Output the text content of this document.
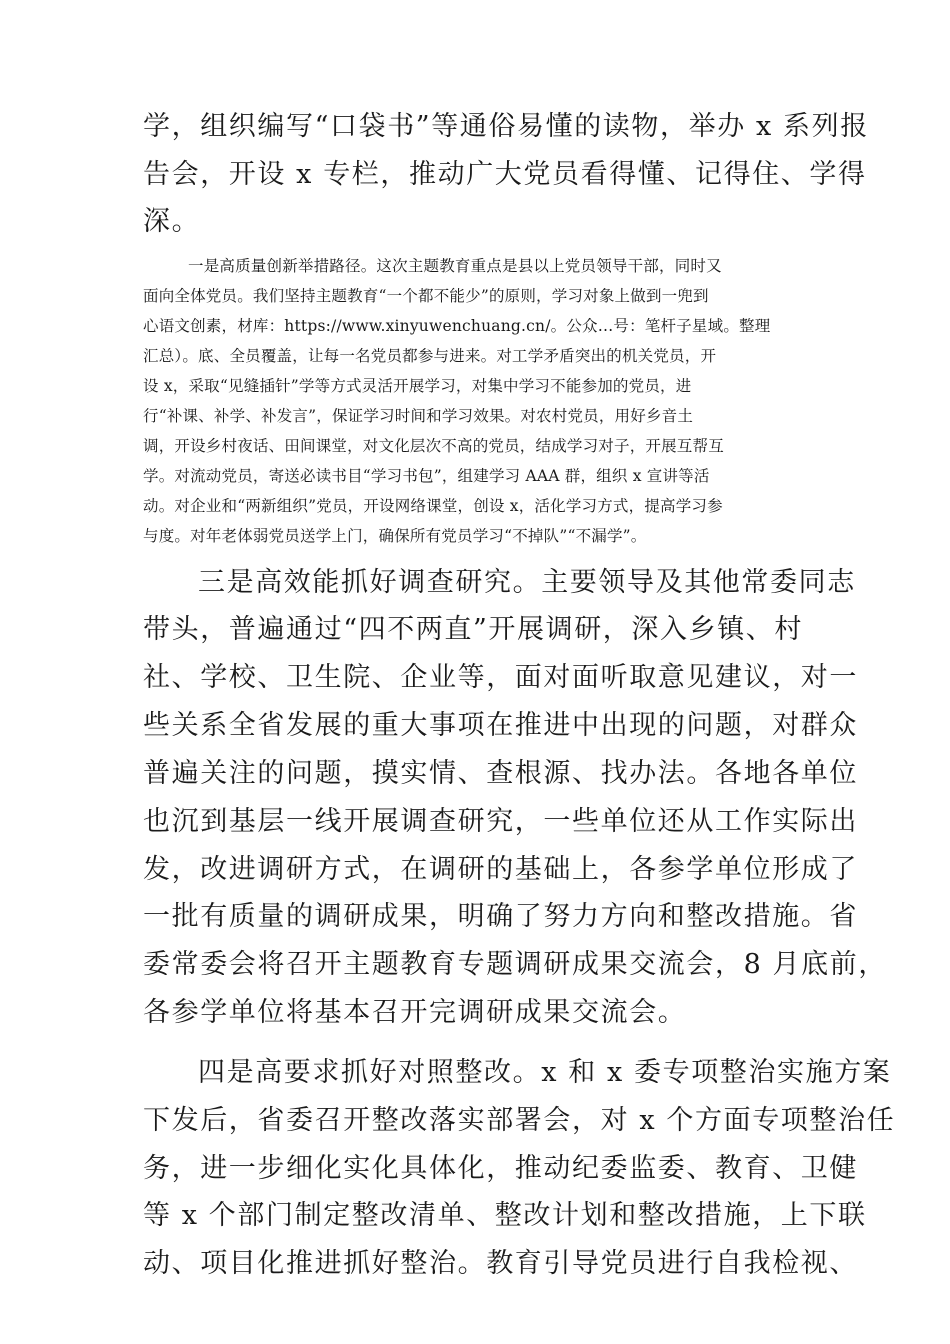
学，组织编写“口袋书”等通俗易懂的读物，举办 x 系列报
告会，开设 x 专栏，推动广大党员看得懂、记得住、学得
深。
一是高质量创新举措路径。这次主题教育重点是县以上党员领导干部，同时又
面向全体党员。我们坚持主题教育“一个都不能少”的原则，学习对象上做到一兜到
心语文创素，材库：https://www.xinyuwenchuang.cn/。公众…号：笔杆子星域。整理
汇总）。底、全员覆盖，让每一名党员都参与进来。对工学矛盾突出的机关党员，开
设 x，采取“见缝插针”学等方式灵活开展学习，对集中学习不能参加的党员，进
行“补课、补学、补发言”，保证学习时间和学习效果。对农村党员，用好乡音土
调，开设乡村夜话、田间课堂，对文化层次不高的党员，结成学习对子，开展互帮互
学。对流动党员，寄送必读书目“学习书包”，组建学习 AAA 群，组织 x 宣讲等活
动。对企业和“两新组织”党员，开设网络课堂，创设 x，活化学习方式，提高学习参
与度。对年老体弱党员送学上门，确保所有党员学习“不掉队”“不漏学”。
三是高效能抓好调查研究。主要领导及其他常委同志
带头，普遍通过“四不两直”开展调研，深入乡镇、村
社、学校、卫生院、企业等，面对面听取意见建议，对一
些关系全省发展的重大事项在推进中出现的问题，对群众
普遍关注的问题，摸实情、查根源、找办法。各地各单位
也沉到基层一线开展调查研究，一些单位还从工作实际出
发，改进调研方式，在调研的基础上，各参学单位形成了
一批有质量的调研成果，明确了努力方向和整改措施。省
委常委会将召开主题教育专题调研成果交流会，8 月底前，
各参学单位将基本召开完调研成果交流会。
四是高要求抓好对照整改。x 和 x 委专项整治实施方案
下发后，省委召开整改落实部署会，对 x 个方面专项整治任
务，进一步细化实化具体化，推动纪委监委、教育、卫健
等 x 个部门制定整改清单、整改计划和整改措施，上下联
动、项目化推进抓好整治。教育引导党员进行自我检视、
